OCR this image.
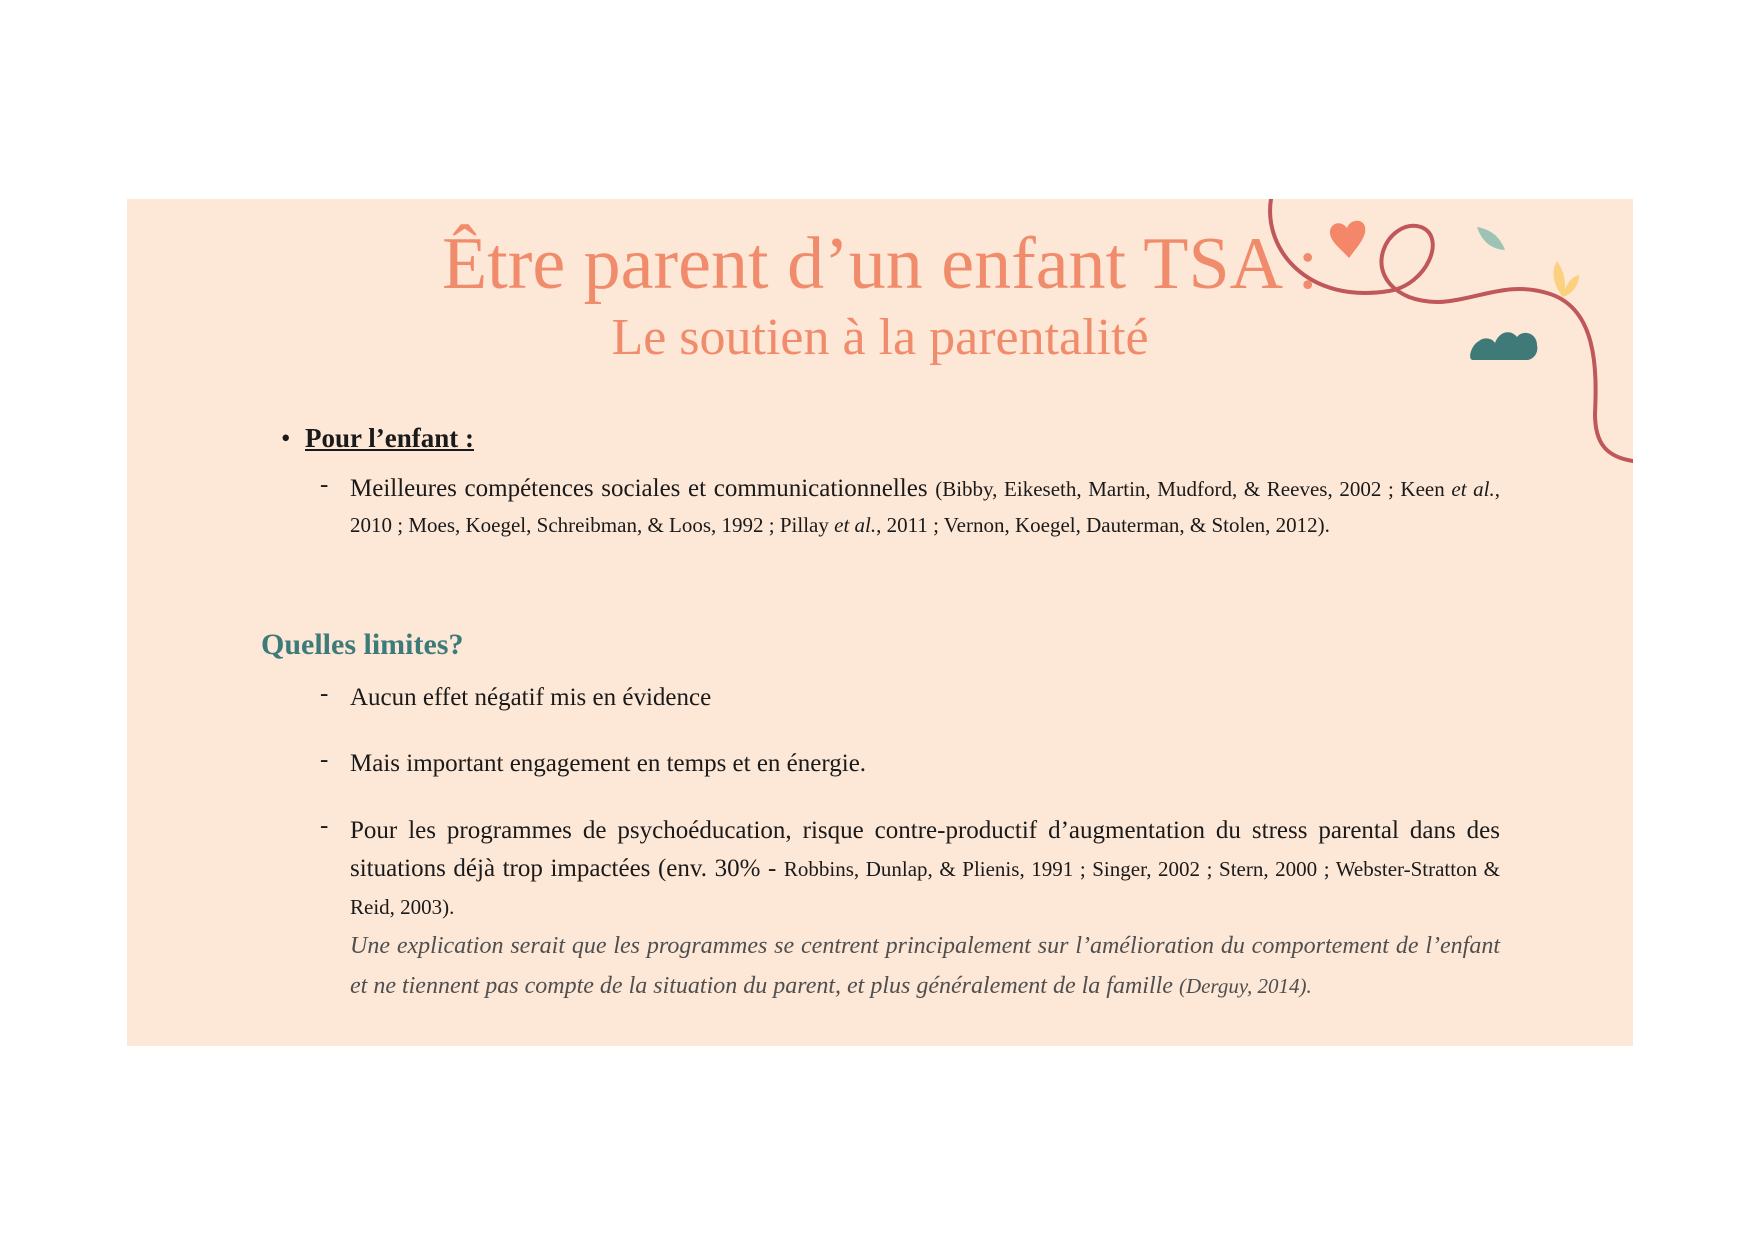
Être parent d’un enfant TSA :
Le soutien à la parentalité
• Pour l’enfant :
- Meilleures compétences sociales et communicationnelles (Bibby, Eikeseth, Martin, Mudford, & Reeves, 2002 ; Keen et al., 2010 ; Moes, Koegel, Schreibman, & Loos, 1992 ; Pillay et al., 2011 ; Vernon, Koegel, Dauterman, & Stolen, 2012).
Quelles limites?
- Aucun effet négatif mis en évidence
- Mais important engagement en temps et en énergie.
- Pour les programmes de psychoéducation, risque contre-productif d’augmentation du stress parental dans des situations déjà trop impactées (env. 30% - Robbins, Dunlap, & Plienis, 1991 ; Singer, 2002 ; Stern, 2000 ; Webster-Stratton & Reid, 2003).
Une explication serait que les programmes se centrent principalement sur l’amélioration du comportement de l’enfant et ne tiennent pas compte de la situation du parent, et plus généralement de la famille (Derguy, 2014).
